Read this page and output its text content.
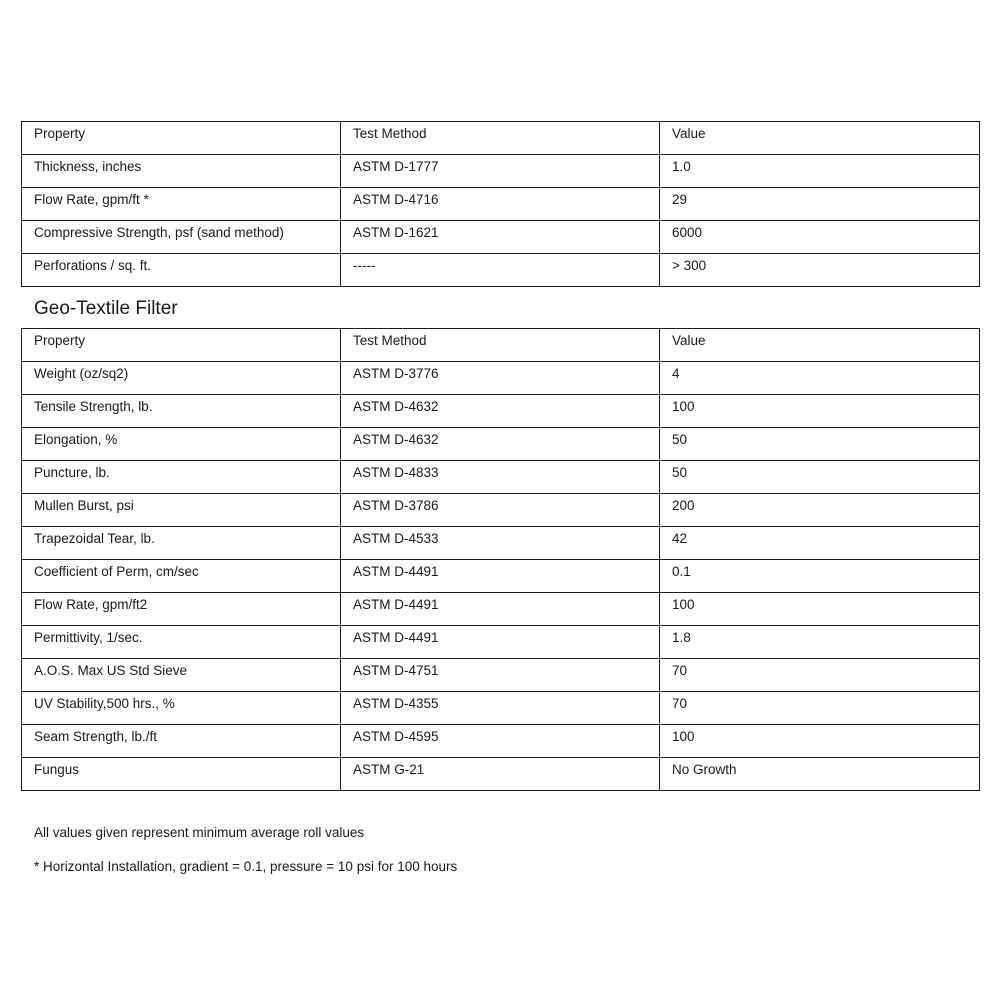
Property	Test Method	Value
Thickness, inches	ASTM D-1777	1.0
Flow Rate, gpm/ft *	ASTM D-4716	29
Compressive Strength, psf (sand method)	ASTM D-1621	6000
Perforations / sq. ft.	-----	> 300
Geo-Textile Filter
Property	Test Method	Value
Weight (oz/sq2)	ASTM D-3776	4
Tensile Strength, lb.	ASTM D-4632	100
Elongation, %	ASTM D-4632	50
Puncture, lb.	ASTM D-4833	50
Mullen Burst, psi	ASTM D-3786	200
Trapezoidal Tear, lb.	ASTM D-4533	42
Coefficient of Perm, cm/sec	ASTM D-4491	0.1
Flow Rate, gpm/ft2	ASTM D-4491	100
Permittivity, 1/sec.	ASTM D-4491	1.8
A.O.S. Max US Std Sieve	ASTM D-4751	70
UV Stability,500 hrs., %	ASTM D-4355	70
Seam Strength, lb./ft	ASTM D-4595	100
Fungus	ASTM G-21	No Growth

All values given represent minimum average roll values

* Horizontal Installation, gradient = 0.1, pressure = 10 psi for 100 hours
